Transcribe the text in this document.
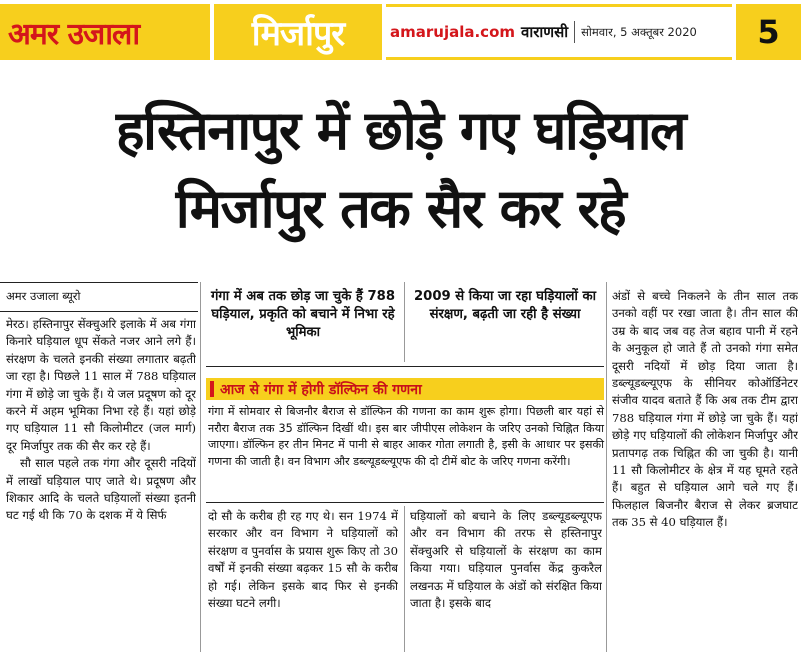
अमर उजाला	मिर्जापुर	amarujala.com वाराणसी सोमवार, 5 अक्तूबर 2020 5
हस्तिनापुर में छोड़े गए घड़ियाल
मिर्जापुर तक सैर कर रहे
अमर उजाला ब्यूरो

मेरठ। हस्तिनापुर सेंक्चुअरि इलाके में अब गंगा किनारे घड़ियाल धूप सेंकते नजर आने लगे हैं। संरक्षण के चलते इनकी संख्या लगातार बढ़ती जा रहा है। पिछले 11 साल में 788 घड़ियाल गंगा में छोड़े जा चुके हैं। ये जल प्रदूषण को दूर करने में अहम भूमिका निभा रहे हैं। यहां छोड़े गए घड़ियाल 11 सौ किलोमीटर (जल मार्ग) दूर मिर्जापुर तक की सैर कर रहे हैं।

सौ साल पहले तक गंगा और दूसरी नदियों में लाखों घड़ियाल पाए जाते थे। प्रदूषण और शिकार आदि के चलते घड़ियालों संख्या इतनी घट गई थी कि 70 के दशक में ये सिर्फ

गंगा में अब तक छोड़ जा चुके हैं 788 घड़ियाल, प्रकृति को बचाने में निभा रहे भूमिका
2009 से किया जा रहा घड़ियालों का संरक्षण, बढ़ती जा रही है संख्या
आज से गंगा में होगी डॉल्फिन की गणना
गंगा में सोमवार से बिजनौर बैराज से डॉल्फिन की गणना का काम शुरू होगा। पिछली बार यहां से नरौरा बैराज तक 35 डॉल्फिन दिखीं थी। इस बार जीपीएस लोकेशन के जरिए उनको चिह्नित किया जाएगा। डॉल्फिन हर तीन मिनट में पानी से बाहर आकर गोता लगाती है, इसी के आधार पर इसकी गणना की जाती है। वन विभाग और डब्ल्यूडब्ल्यूएफ की दो टीमें बोट के जरिए गणना करेंगी।

दो सौ के करीब ही रह गए थे। सन 1974 में सरकार और वन विभाग ने घड़ियालों को संरक्षण व पुनर्वास के प्रयास शुरू किए तो 30 वर्षों में इनकी संख्या बढ़कर 15 सौ के करीब हो गई। लेकिन इसके बाद फिर से इनकी संख्या घटने लगी।

घड़ियालों को बचाने के लिए डब्ल्यूडब्ल्यूएफ और वन विभाग की तरफ से हस्तिनापुर सेंक्चुअरि से घड़ियालों के संरक्षण का काम किया गया। घड़ियाल पुनर्वास केंद्र कुकरैल लखनऊ में घड़ियाल के अंडों को संरक्षित किया जाता है। इसके बाद

अंडों से बच्चे निकलने के तीन साल तक उनको वहीं पर रखा जाता है। तीन साल की उम्र के बाद जब वह तेज बहाव पानी में रहने के अनुकूल हो जाते हैं तो उनको गंगा समेत दूसरी नदियों में छोड़ दिया जाता है। डब्ल्यूडब्ल्यूएफ के सीनियर कोऑर्डिनेटर संजीव यादव बताते हैं कि अब तक टीम द्वारा 788 घड़ियाल गंगा में छोड़े जा चुके हैं। यहां छोड़े गए घड़ियालों की लोकेशन मिर्जापुर और प्रतापगढ़ तक चिह्नित की जा चुकी है। यानी 11 सौ किलोमीटर के क्षेत्र में यह घूमते रहते हैं। बहुत से घड़ियाल आगे चले गए हैं। फिलहाल बिजनौर बैराज से लेकर ब्रजघाट तक 35 से 40 घड़ियाल हैं।
